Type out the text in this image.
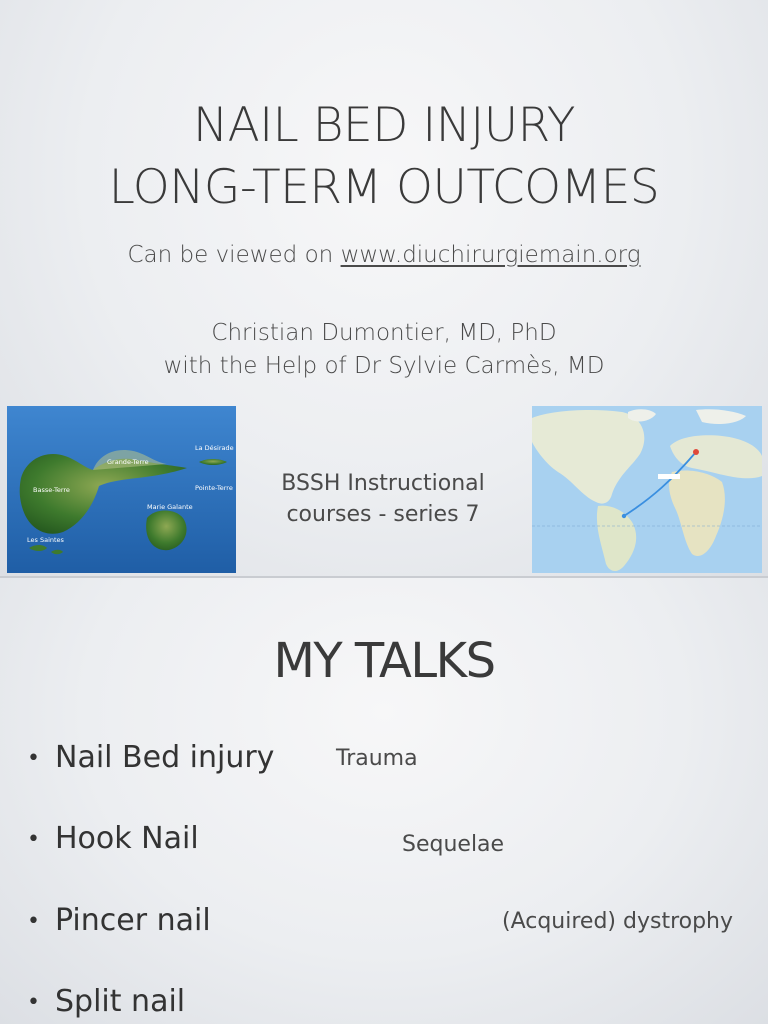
NAIL BED INJURY
LONG-TERM OUTCOMES
Can be viewed on www.diuchirurgiemain.org
Christian Dumontier, MD, PhD
with the Help of Dr Sylvie Carmès, MD
La Désirade
Grande-Terre
Basse-Terre	Pointe-Terre
Marie Galante
Les Saintes
BSSH Instructional
courses - series 7
MY TALKS
• Nail Bed injury	Trauma
• Hook Nail	Sequelae
• Pincer nail	(Acquired) dystrophy
• Split nail
